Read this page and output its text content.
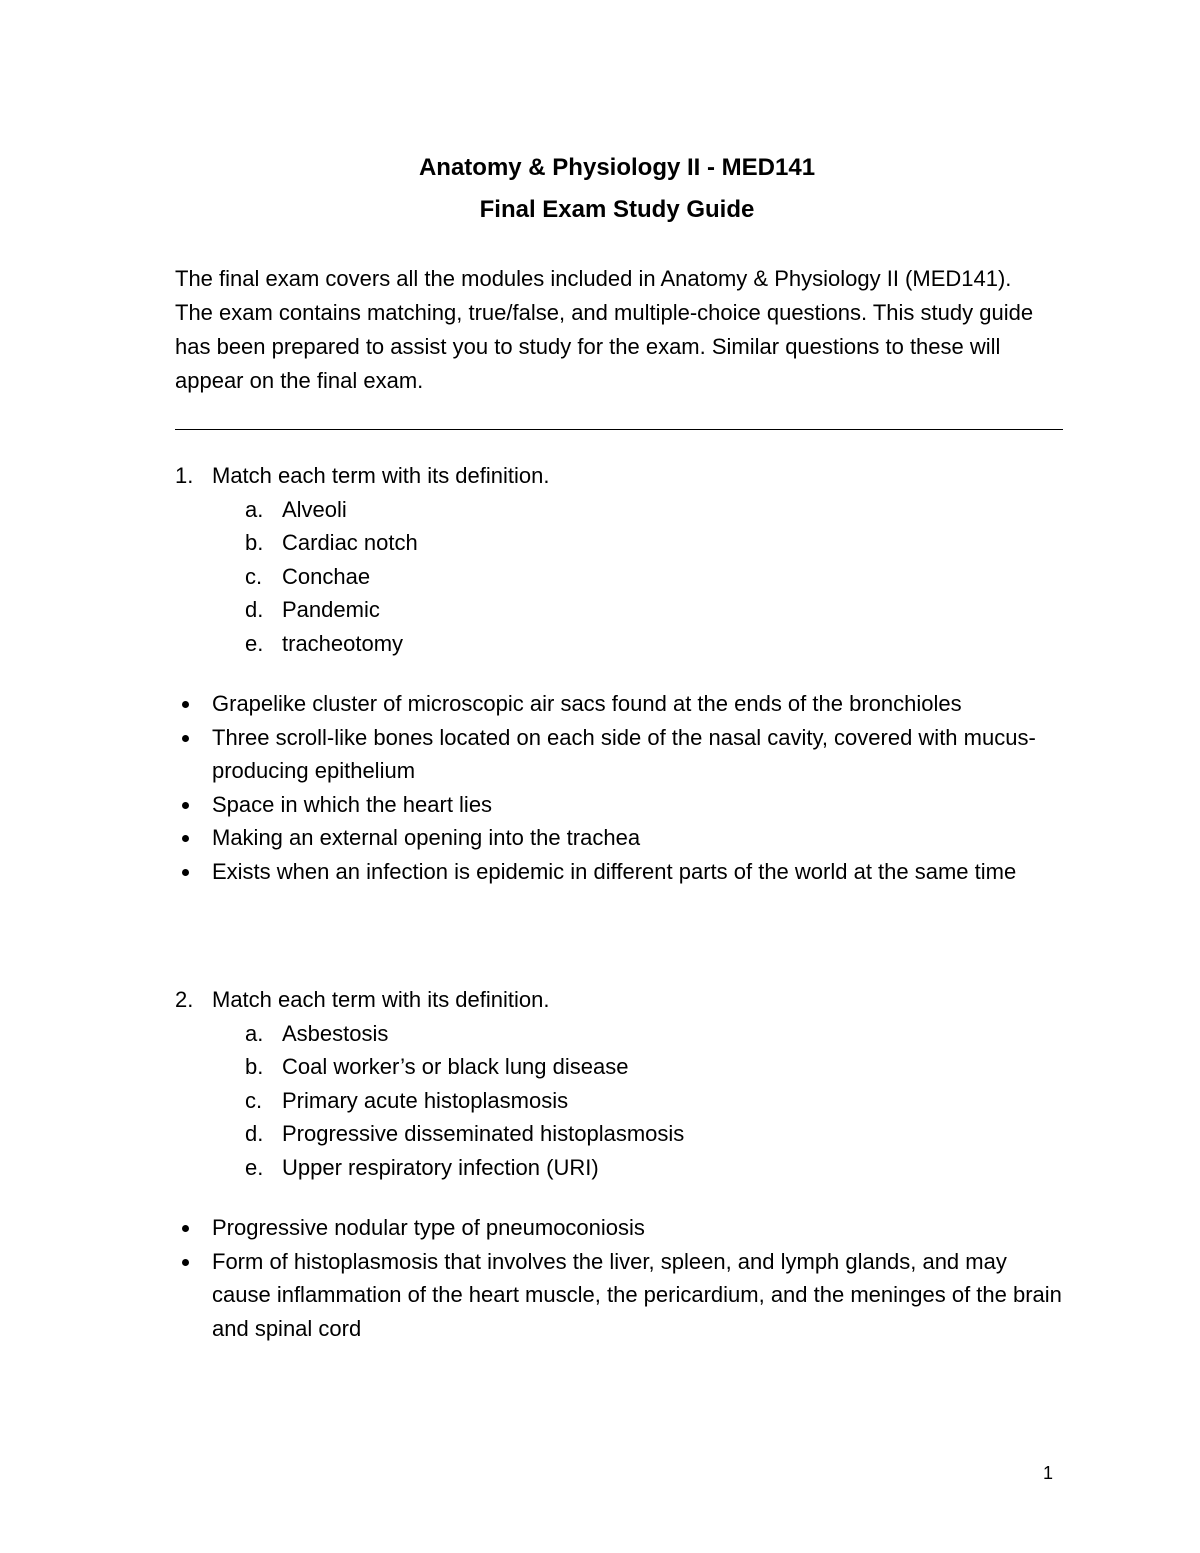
Anatomy & Physiology II - MED141
Final Exam Study Guide

The final exam covers all the modules included in Anatomy & Physiology II (MED141). The exam contains matching, true/false, and multiple-choice questions. This study guide has been prepared to assist you to study for the exam. Similar questions to these will appear on the final exam.

1. Match each term with its definition.
a. Alveoli
b. Cardiac notch
c. Conchae
d. Pandemic
e. tracheotomy
Grapelike cluster of microscopic air sacs found at the ends of the bronchioles
Three scroll-like bones located on each side of the nasal cavity, covered with mucus-producing epithelium
Space in which the heart lies
Making an external opening into the trachea
Exists when an infection is epidemic in different parts of the world at the same time
2. Match each term with its definition.
a. Asbestosis
b. Coal worker’s or black lung disease
c. Primary acute histoplasmosis
d. Progressive disseminated histoplasmosis
e. Upper respiratory infection (URI)
Progressive nodular type of pneumoconiosis
Form of histoplasmosis that involves the liver, spleen, and lymph glands, and may cause inflammation of the heart muscle, the pericardium, and the meninges of the brain and spinal cord
1
